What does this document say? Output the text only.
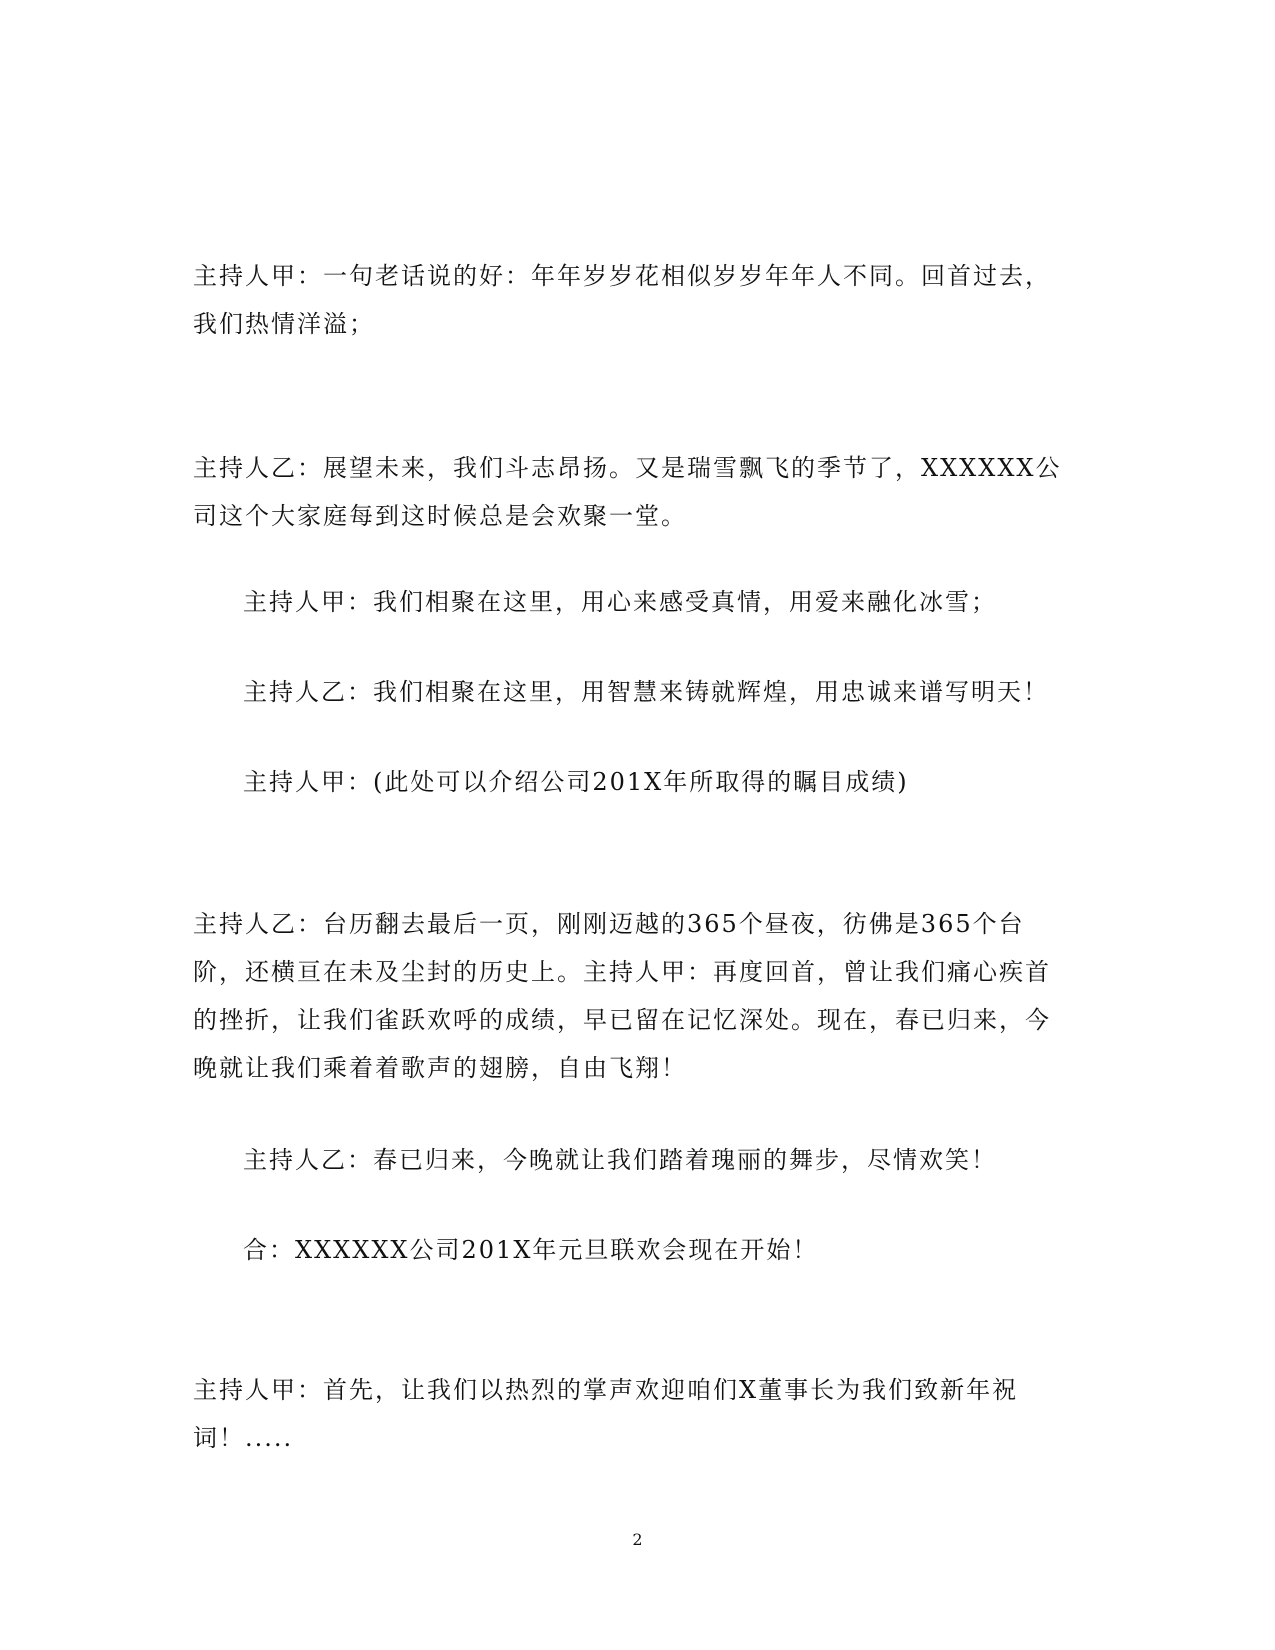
主持人甲：一句老话说的好：年年岁岁花相似岁岁年年人不同。回首过去，我们热情洋溢；

主持人乙：展望未来，我们斗志昂扬。又是瑞雪飘飞的季节了，XXXXXX公司这个大家庭每到这时候总是会欢聚一堂。

主持人甲：我们相聚在这里，用心来感受真情，用爱来融化冰雪；

主持人乙：我们相聚在这里，用智慧来铸就辉煌，用忠诚来谱写明天！

主持人甲：(此处可以介绍公司201X年所取得的瞩目成绩)

主持人乙：台历翻去最后一页，刚刚迈越的365个昼夜，彷佛是365个台阶，还横亘在未及尘封的历史上。主持人甲：再度回首，曾让我们痛心疾首的挫折，让我们雀跃欢呼的成绩，早已留在记忆深处。现在，春已归来，今晚就让我们乘着着歌声的翅膀，自由飞翔！

主持人乙：春已归来，今晚就让我们踏着瑰丽的舞步，尽情欢笑！

合：XXXXXX公司201X年元旦联欢会现在开始！

主持人甲：首先，让我们以热烈的掌声欢迎咱们X董事长为我们致新年祝词！.....

2
